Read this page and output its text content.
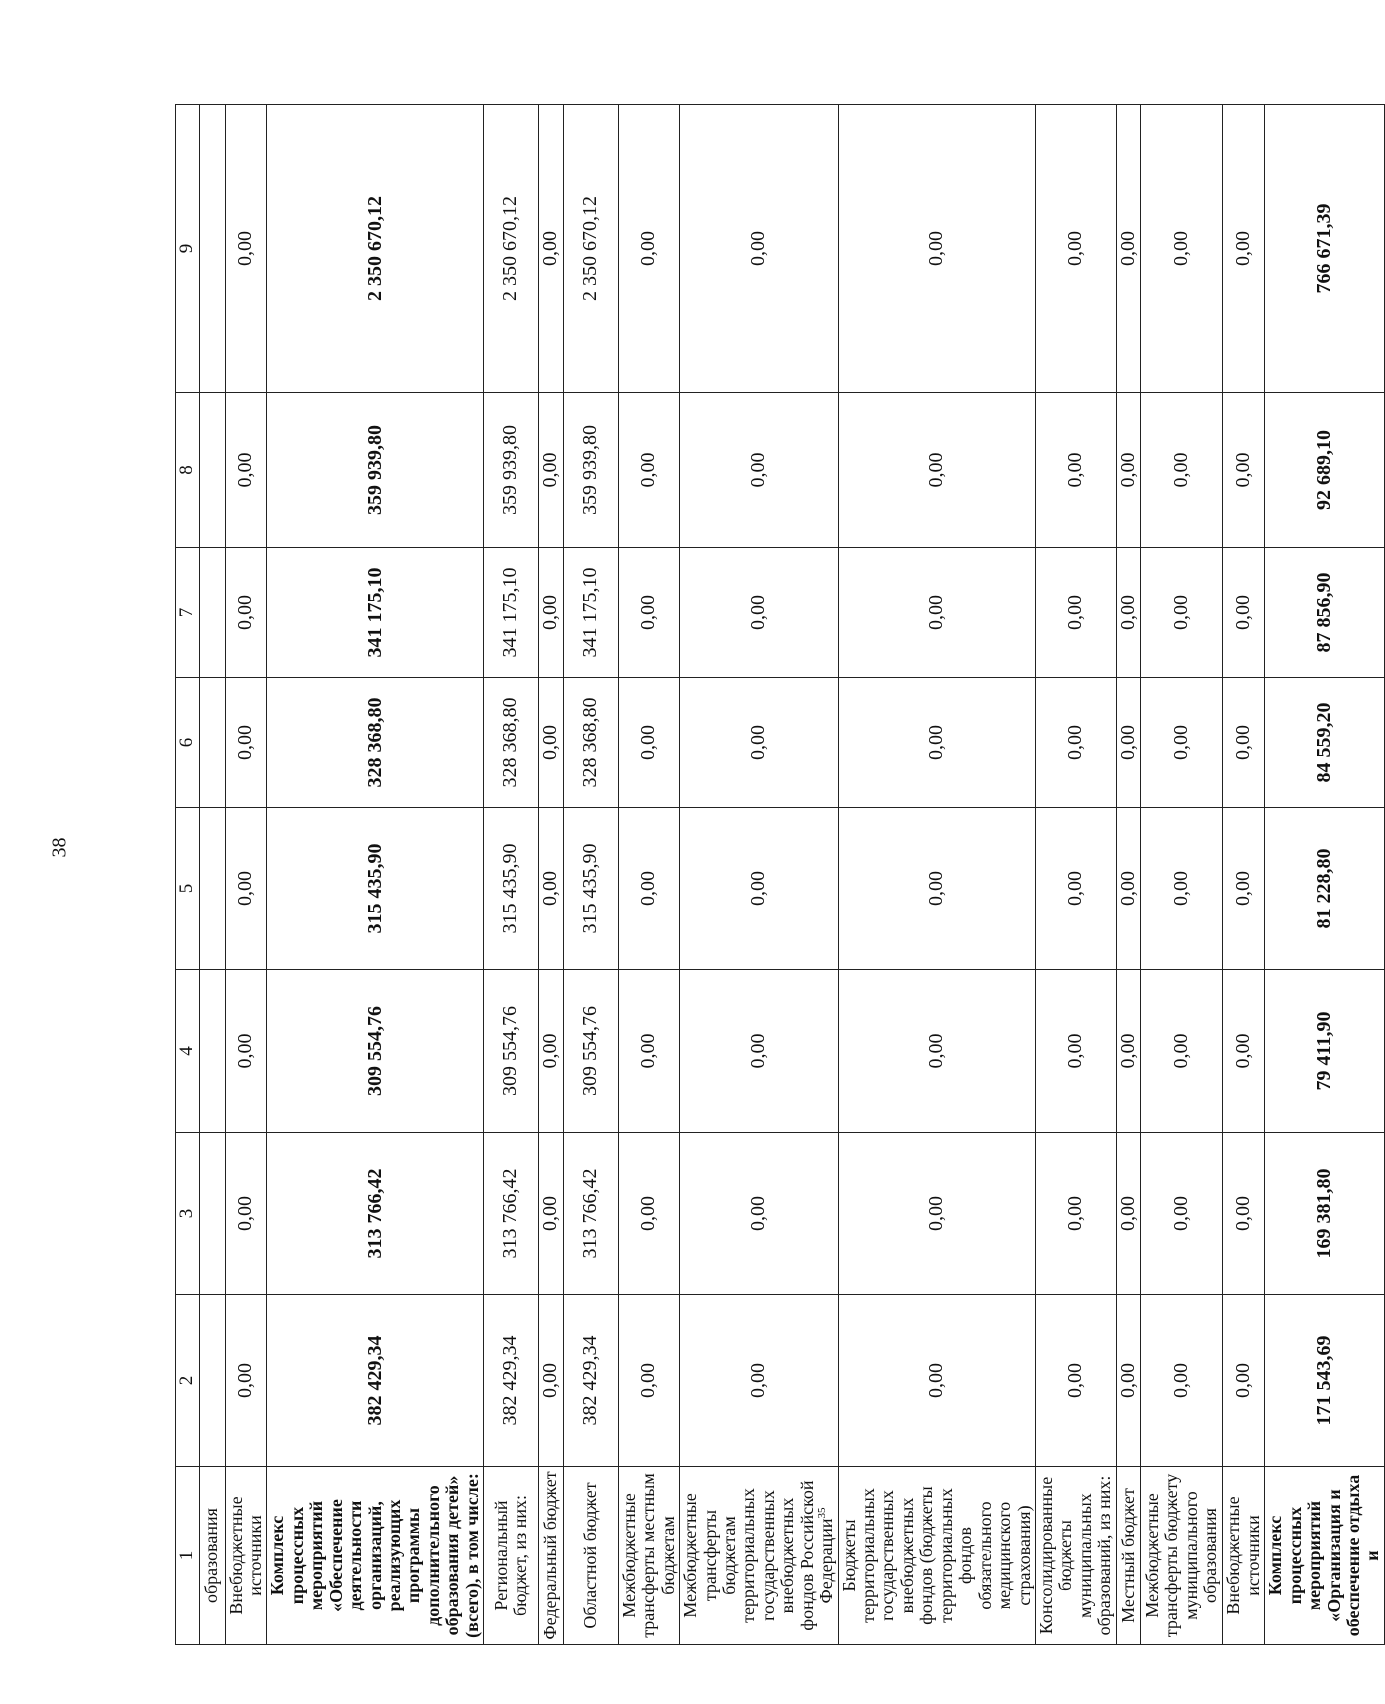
38
1	2	3	4	5	6	7	8	9
образования								
Внебюджетные источники	0,00	0,00	0,00	0,00	0,00	0,00	0,00	0,00
Комплекс процессных мероприятий «Обеспечение деятельности организаций, реализующих программы дополнительного образования детей» (всего), в том числе:	382 429,34	313 766,42	309 554,76	315 435,90	328 368,80	341 175,10	359 939,80	2 350 670,12
Региональный бюджет, из них:	382 429,34	313 766,42	309 554,76	315 435,90	328 368,80	341 175,10	359 939,80	2 350 670,12
Федеральный бюджет	0,00	0,00	0,00	0,00	0,00	0,00	0,00	0,00
Областной бюджет	382 429,34	313 766,42	309 554,76	315 435,90	328 368,80	341 175,10	359 939,80	2 350 670,12
Межбюджетные трансферты местным бюджетам	0,00	0,00	0,00	0,00	0,00	0,00	0,00	0,00
Межбюджетные трансферты бюджетам территориальных государственных внебюджетных фондов Российской Федерации$^{35}$	0,00	0,00	0,00	0,00	0,00	0,00	0,00	0,00
Бюджеты территориальных государственных внебюджетных фондов (бюджеты территориальных фондов обязательного медицинского страхования)	0,00	0,00	0,00	0,00	0,00	0,00	0,00	0,00
Консолидированные бюджеты муниципальных образований, из них:	0,00	0,00	0,00	0,00	0,00	0,00	0,00	0,00
Местный бюджет	0,00	0,00	0,00	0,00	0,00	0,00	0,00	0,00
Межбюджетные трансферты бюджету муниципального образования	0,00	0,00	0,00	0,00	0,00	0,00	0,00	0,00
Внебюджетные источники	0,00	0,00	0,00	0,00	0,00	0,00	0,00	0,00
Комплекс процессных мероприятий «Организация и обеспечение отдыха и	171 543,69	169 381,80	79 411,90	81 228,80	84 559,20	87 856,90	92 689,10	766 671,39
